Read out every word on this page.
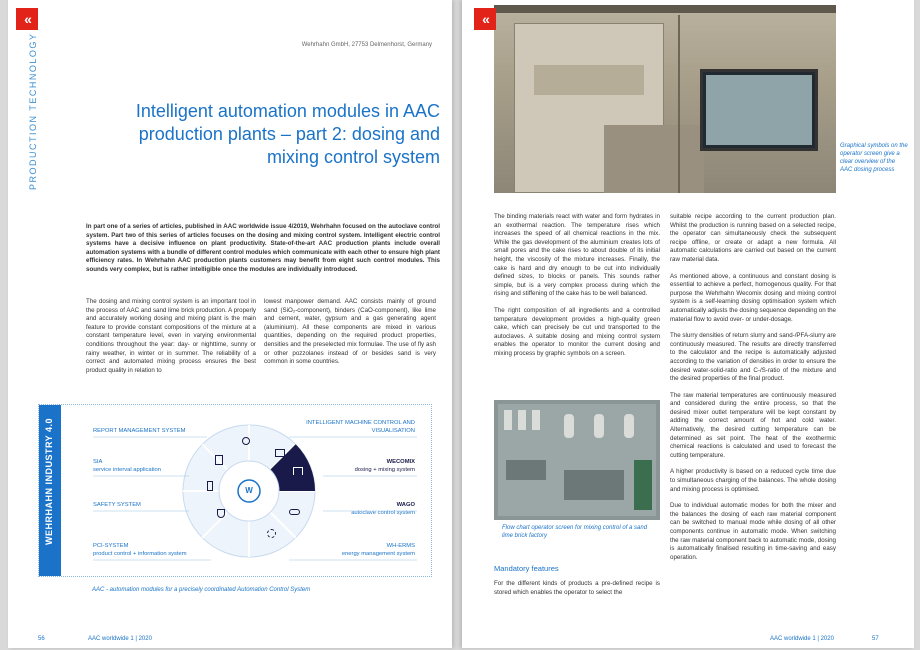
«
PRODUCTION TECHNOLOGY	Wehrhahn GmbH, 27753 Delmenhorst, Germany
Intelligent automation modules in AAC production plants – part 2: dosing and mixing control system
In part one of a series of articles, published in AAC worldwide issue 4/2019, Wehrhahn focused on the autoclave control system. Part two of this series of articles focuses on the dosing and mixing control system. Intelligent electric control systems have a decisive influence on plant productivity. State-of-the-art AAC production plants include overall automation systems with a bundle of different control modules which communicate with each other to ensure high plant efficiency rates. In Wehrhahn AAC production plants customers may benefit from eight such control modules. This sounds very complex, but is rather intelligible once the modules are individually introduced.
The dosing and mixing control system is an important tool in the process of AAC and sand lime brick production. A properly and accurately working dosing and mixing plant is the main feature to provide constant compositions of the mixture at a constant temperature level, even in varying environmental conditions throughout the year: day- or nighttime, sunny or rainy weather, in winter or in summer. The reliability of a correct and automated mixing process ensures the best product quality in relation to
lowest manpower demand. AAC consists mainly of ground sand (SiO₂-component), binders (CaO-component), like lime and cement, water, gypsum and a gas generating agent (aluminium). All these components are mixed in various quantities, depending on the required product properties, densities and the preselected mix formulae. The use of fly ash or other pozzolanes instead of or besides sand is very common in some countries.
WEHRHAHN INDUSTRY 4.0	W
REPORT MANAGEMENT SYSTEM
SIA
service interval application
SAFETY SYSTEM
PCI-SYSTEM
product control + information system
INTELLIGENT MACHINE CONTROL AND VISUALISATION
WECOMIX
dosing + mixing system
WAGO
autoclave control system
WH-ERMS
energy management system
AAC - automation modules for a precisely coordinated Automation Control System
56	AAC worldwide 1 | 2020
«
Graphical symbols on the operator screen give a clear overview of the AAC dosing process

The binding materials react with water and form hydrates in an exothermal reaction. The temperature rises which increases the speed of all chemical reactions in the mix. While the gas development of the aluminium creates lots of small pores and the cake rises to about double of its initial height, the viscosity of the mixture increases. Finally, the cake is hard and dry enough to be cut into individually defined sizes, to blocks or panels. This sounds rather simple, but is a very complex process during which the rising and stiffening of the cake has to be well balanced.

The right composition of all ingredients and a controlled temperature development provides a high-quality green cake, which can precisely be cut und transported to the autoclaves. A suitable dosing and mixing control system enables the operator to monitor the current dosing and mixing process by graphic symbols on a screen.

Flow chart operator screen for mixing control of a sand lime brick factory
Mandatory features
For the different kinds of products a pre-defined recipe is stored which enables the operator to select the

suitable recipe according to the current production plan. Whilst the production is running based on a selected recipe, the operator can simultaneously check the subsequent recipe offline, or create or adapt a new formula. All automatic calculations are carried out based on the current raw material data.

As mentioned above, a continuous and constant dosing is essential to achieve a perfect, homogenous quality. For that purpose the Wehrhahn Wecomix dosing and mixing control system is a self-learning dosing optimisation system which automatically adjusts the dosing sequence depending on the material flow to avoid over- or under-dosage.

The slurry densities of return slurry and sand-/PFA-slurry are continuously measured. The results are directly transferred to the calculator and the recipe is automatically adjusted according to the variation of densities in order to ensure the desired water-solid-ratio and C-/S-ratio of the mixture and the desired properties of the final product.

The raw material temperatures are continuously measured and considered during the entire process, so that the desired mixer outlet temperature will be kept constant by adding the correct amount of hot and cold water. Alternatively, the desired cutting temperature can be determined as set point. The heat of the exothermic chemical reactions is calculated and used to forecast the cutting temperature.

A higher productivity is based on a reduced cycle time due to simultaneous charging of the balances. The whole dosing and mixing process is optimised.

Due to individual automatic modes for both the mixer and the balances the dosing of each raw material component can be switched to manual mode while dosing of all other components continue in automatic mode. When switching the raw material component back to automatic mode, dosing is automatically finalised resulting in time-saving and easy operation.

AAC worldwide 1 | 2020	57
